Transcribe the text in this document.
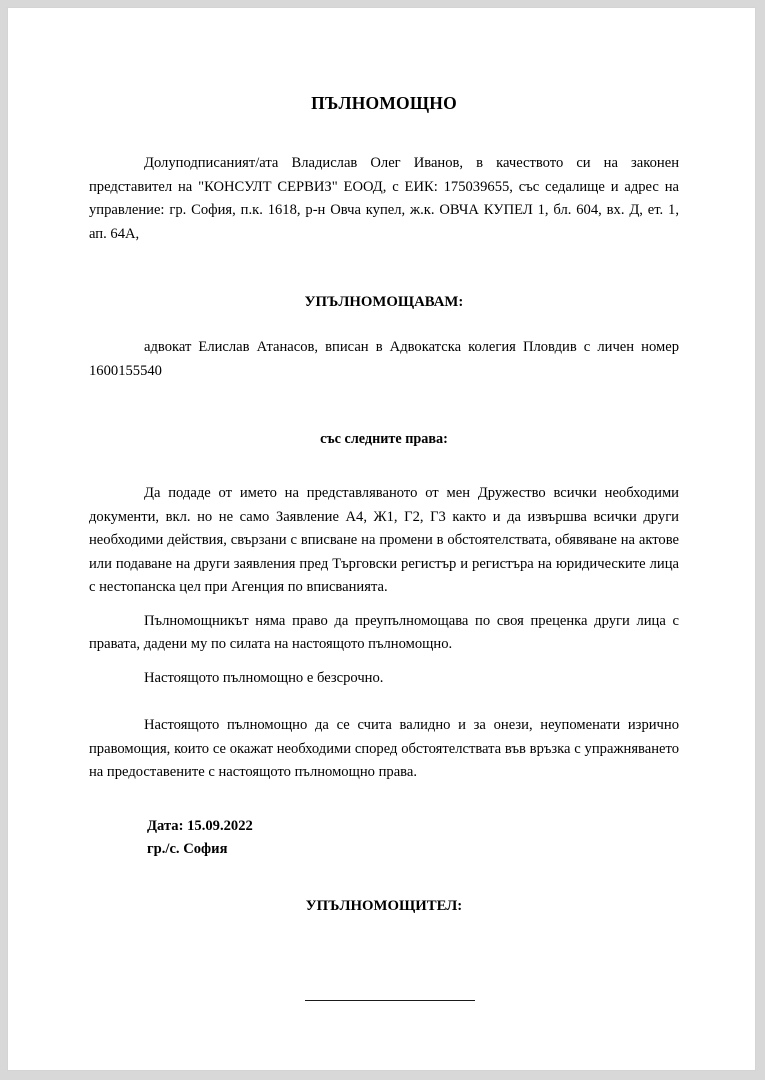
ПЪЛНОМОЩНО

Долуподписаният/ата Владислав Олег Иванов, в качеството си на законен представител на "КОНСУЛТ СЕРВИЗ" ЕООД, с ЕИК: 175039655, със седалище и адрес на управление: гр. София, п.к. 1618, р-н Овча купел, ж.к. ОВЧА КУПЕЛ 1, бл. 604, вх. Д, ет. 1, ап. 64А,

УПЪЛНОМОЩАВАМ:

адвокат Елислав Атанасов, вписан в Адвокатска колегия Пловдив с личен номер 1600155540

със следните права:

Да подаде от името на представляваното от мен Дружество всички необходими документи, вкл. но не само Заявление А4, Ж1, Г2, Г3 както и да извършва всички други необходими действия, свързани с вписване на промени в обстоятелствата, обявяване на актове или подаване на други заявления пред Търговски регистър и регистъра на юридическите лица с нестопанска цел при Агенция по вписванията.

Пълномощникът няма право да преупълномощава по своя преценка други лица с правата, дадени му по силата на настоящото пълномощно.

Настоящото пълномощно е безсрочно.

Настоящото пълномощно да се счита валидно и за онези, неупоменати изрично правомощия, които се окажат необходими според обстоятелствата във връзка с упражняването на предоставените с настоящото пълномощно права.

Дата: 15.09.2022

гр./с. София

УПЪЛНОМОЩИТЕЛ:
